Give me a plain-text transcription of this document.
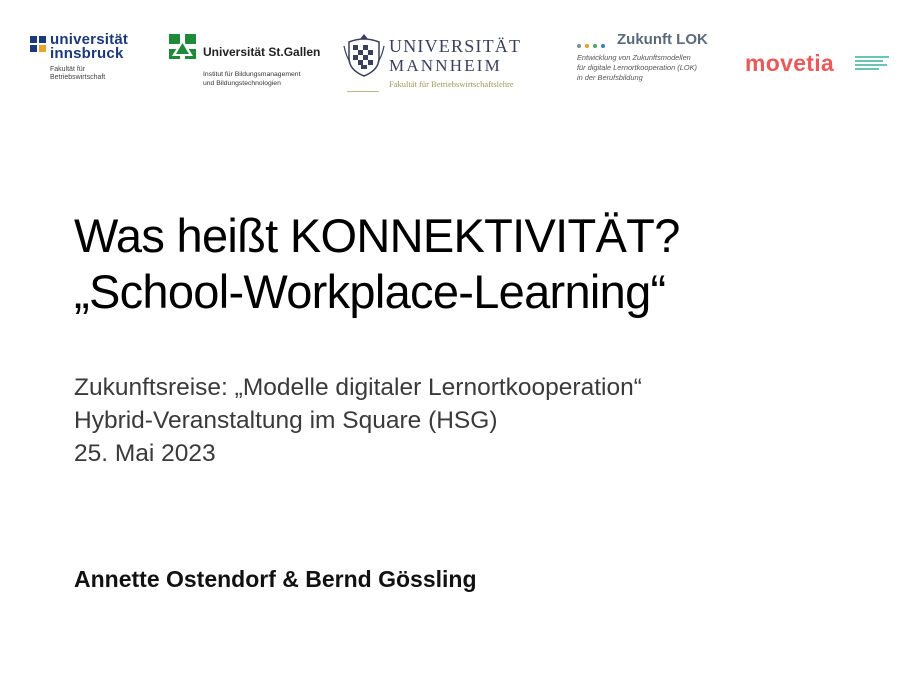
universität
innsbruck
Fakultät für
Betriebswirtschaft
Universität St.Gallen
Institut für Bildungsmanagement
und Bildungstechnologien
UNIVERSITÄT
MANNHEIM
Fakultät für Betriebswirtschaftslehre
Zukunft LOK
Entwicklung von Zukunftsmodellen
für digitale Lernortkooperation (LOK)
in der Berufsbildung
movetia
Was heißt KONNEKTIVITÄT?
„School-Workplace-Learning“
Zukunftsreise: „Modelle digitaler Lernortkooperation“
Hybrid-Veranstaltung im Square (HSG)
25. Mai 2023
Annette Ostendorf & Bernd Gössling
